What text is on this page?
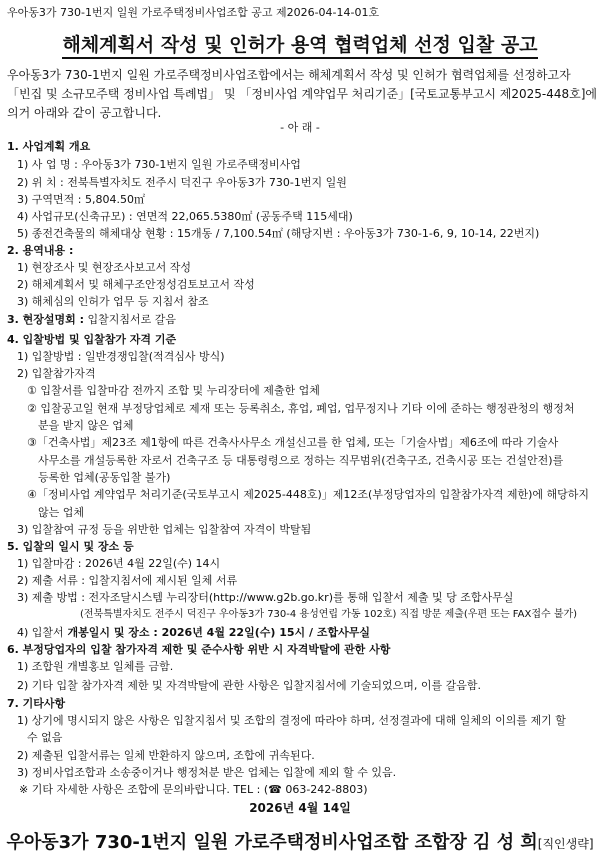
우아동3가 730-1번지 일원 가로주택정비사업조합 공고 제2026-04-14-01호
해체계획서 작성 및 인허가 용역 협력업체 선정 입찰 공고
우아동3가 730-1번지 일원 가로주택정비사업조합에서는 해체계획서 작성 및 인허가 협력업체를 선정하고자
「빈집 및 소규모주택 정비사업 특례법」 및 「정비사업 계약업무 처리기준」[국토교통부고시 제2025-448호]에
의거 아래와 같이 공고합니다.
- 아 래 -
1. 사업계획 개요
1) 사 업 명 : 우아동3가 730-1번지 일원 가로주택정비사업
2) 위 치 : 전북특별자치도 전주시 덕진구 우아동3가 730-1번지 일원
3) 구역면적 : 5,804.50㎡
4) 사업규모(신축규모) : 연면적 22,065.5380㎡ (공동주택 115세대)
5) 종전건축물의 해체대상 현황 : 15개동 / 7,100.54㎡ (해당지번 : 우아동3가 730-1-6, 9, 10-14, 22번지)
2. 용역내용 :
1) 현장조사 및 현장조사보고서 작성
2) 해체계획서 및 해체구조안정성검토보고서 작성
3) 해체심의 인허가 업무 등 지침서 참조
3. 현장설명회 : 입찰지침서로 갈음
4. 입찰방법 및 입찰참가 자격 기준
1) 입찰방법 : 일반경쟁입찰(적격심사 방식)
2) 입찰참가자격
① 입찰서를 입찰마감 전까지 조합 및 누리장터에 제출한 업체
② 입찰공고일 현재 부정당업체로 제재 또는 등록취소, 휴업, 폐업, 업무정지나 기타 이에 준하는 행정관청의 행정처
분을 받지 않은 업체
③「건축사법」제23조 제1항에 따른 건축사사무소 개설신고를 한 업체, 또는「기술사법」제6조에 따라 기술사
사무소를 개설등록한 자로서 건축구조 등 대통령령으로 정하는 직무범위(건축구조, 건축시공 또는 건설안전)를
등록한 업체(공동입찰 불가)
④「정비사업 계약업무 처리기준(국토부고시 제2025-448호)」제12조(부정당업자의 입찰참가자격 제한)에 해당하지
않는 업체
3) 입찰참여 규정 등을 위반한 업체는 입찰참여 자격이 박탈됨
5. 입찰의 일시 및 장소 등
1) 입찰마감 : 2026년 4월 22일(수) 14시
2) 제출 서류 : 입찰지침서에 제시된 일체 서류
3) 제출 방법 : 전자조달시스템 누리장터(http://www.g2b.go.kr)를 통해 입찰서 제출 및 당 조합사무실
(전북특별자치도 전주시 덕진구 우아동3가 730-4 용성연립 가동 102호) 직접 방문 제출(우편 또는 FAX접수 불가)
4) 입찰서 개봉일시 및 장소 : 2026년 4월 22일(수) 15시 / 조합사무실
6. 부정당업자의 입찰 참가자격 제한 및 준수사항 위반 시 자격박탈에 관한 사항
1) 조합원 개별홍보 일체를 금함.
2) 기타 입찰 참가자격 제한 및 자격박탈에 관한 사항은 입찰지침서에 기술되었으며, 이를 갈음함.
7. 기타사항
1) 상기에 명시되지 않은 사항은 입찰지침서 및 조합의 결정에 따라야 하며, 선정결과에 대해 일체의 이의를 제기 할
수 없음
2) 제출된 입찰서류는 일체 반환하지 않으며, 조합에 귀속된다.
3) 정비사업조합과 소송중이거나 행정처분 받은 업체는 입찰에 제외 할 수 있음.
※ 기타 자세한 사항은 조합에 문의바랍니다. TEL : (☎ 063-242-8803)
2026년 4월 14일
우아동3가 730-1번지 일원 가로주택정비사업조합 조합장 김 성 희[직인생략]
